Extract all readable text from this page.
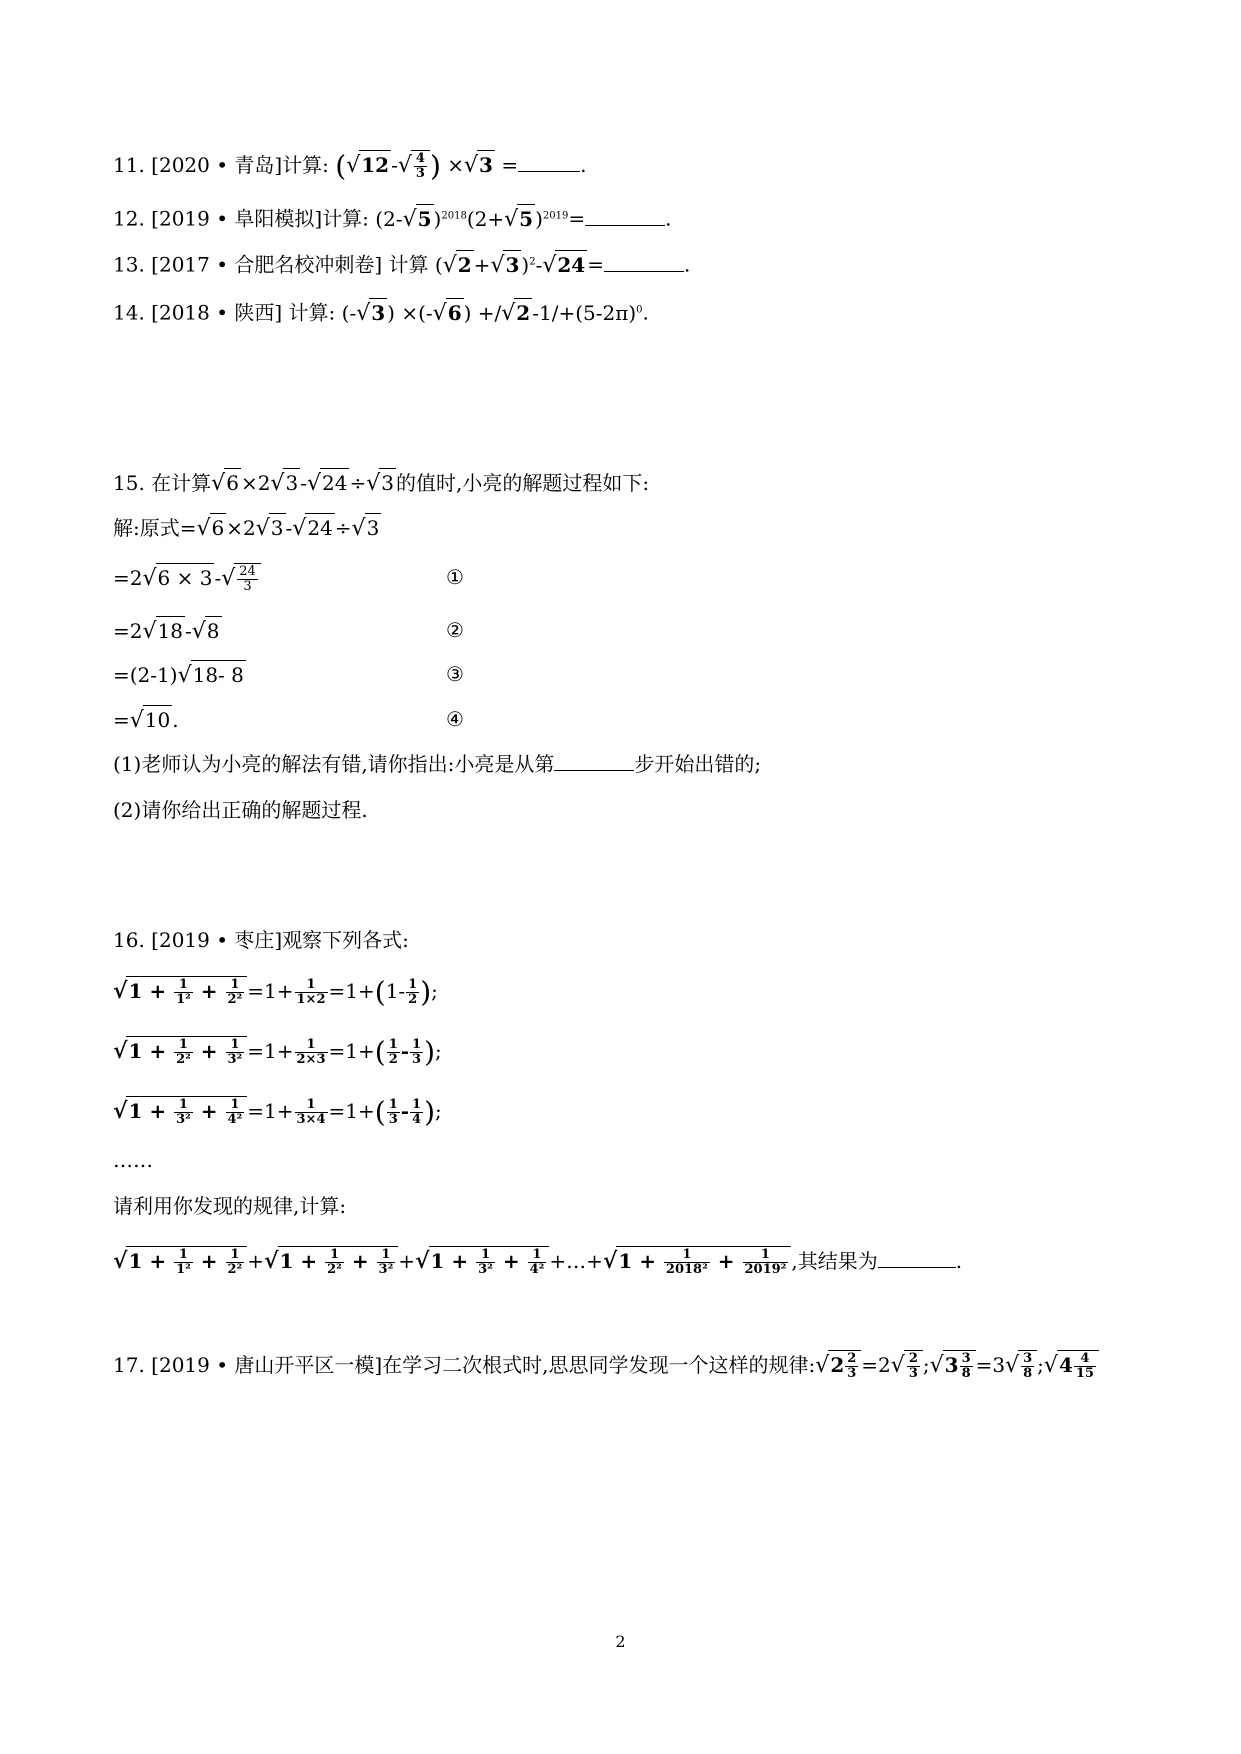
11. [2020 • 青岛]计算: (√12 -√ $\frac{4}{3}$ ) ×√3 =	.
12. [2019 • 阜阳模拟]计算: (2-√5 )$^{2018}$(2+√5 )$^{2019}$=	.
13. [2017 • 合肥名校冲刺卷] 计算 (√2 +√3 )$^2$-√24 =	.
14. [2018 • 陕西] 计算: (-√3 ) ×(-√6 ) +/√2 $-1/+(5-2\pi)^0$.
15. 在计算√6 ×2√3 -√24 ÷√3 的值时,小亮的解题过程如下:
解:原式=√6 ×2√3 -√24 ÷√3
=2√6 × 3 -√ $\frac{24}{3}$	①
=2√18 -√8	②
=(2-1)√18- 8	③
=√10 .	④
(1)老师认为小亮的解法有错,请你指出:小亮是从第	步开始出错的;
(2)请你给出正确的解题过程.
16. [2019 • 枣庄]观察下列各式:
$√1 + \frac{1}{\text{1²}} + \frac{1}{\text{2²}} =1+ \frac{1}{1\times 2} =1+(1- \frac{1}{2}$ );
$√1 + \frac{1}{\text{2²}} + \frac{1}{\text{3²}} =1+ \frac{1}{2\times 3} =1+( \frac{1}{2} - \frac{1}{3}$ );
$√1 + \frac{1}{\text{3²}} + \frac{1}{\text{4²}} =1+ \frac{1}{3\times 4} =1+( \frac{1}{3} - \frac{1}{4}$ );
……
请利用你发现的规律,计算:
$√1 + \frac{1}{\text{1²}} + \frac{1}{\text{2²}} +√1 + \frac{1}{\text{2²}} + \frac{1}{\text{3²}} +√1 + \frac{1}{\text{3²}} + \frac{1}{\text{4²}}$ +…+√1 + $\frac{1}{\text{2018²}} + \frac{1}{\text{2019²}}$ ,其结果为	.
17. [2019 • 唐山开平区一模]在学习二次根式时,思思同学发现一个这样的规律:√2 $\frac{2}{3} =2√ \frac{2}{3}$ ;√3 $\frac{3}{8} =3√ \frac{3}{8}$ ;√4 $\frac{4}{15}$
2
